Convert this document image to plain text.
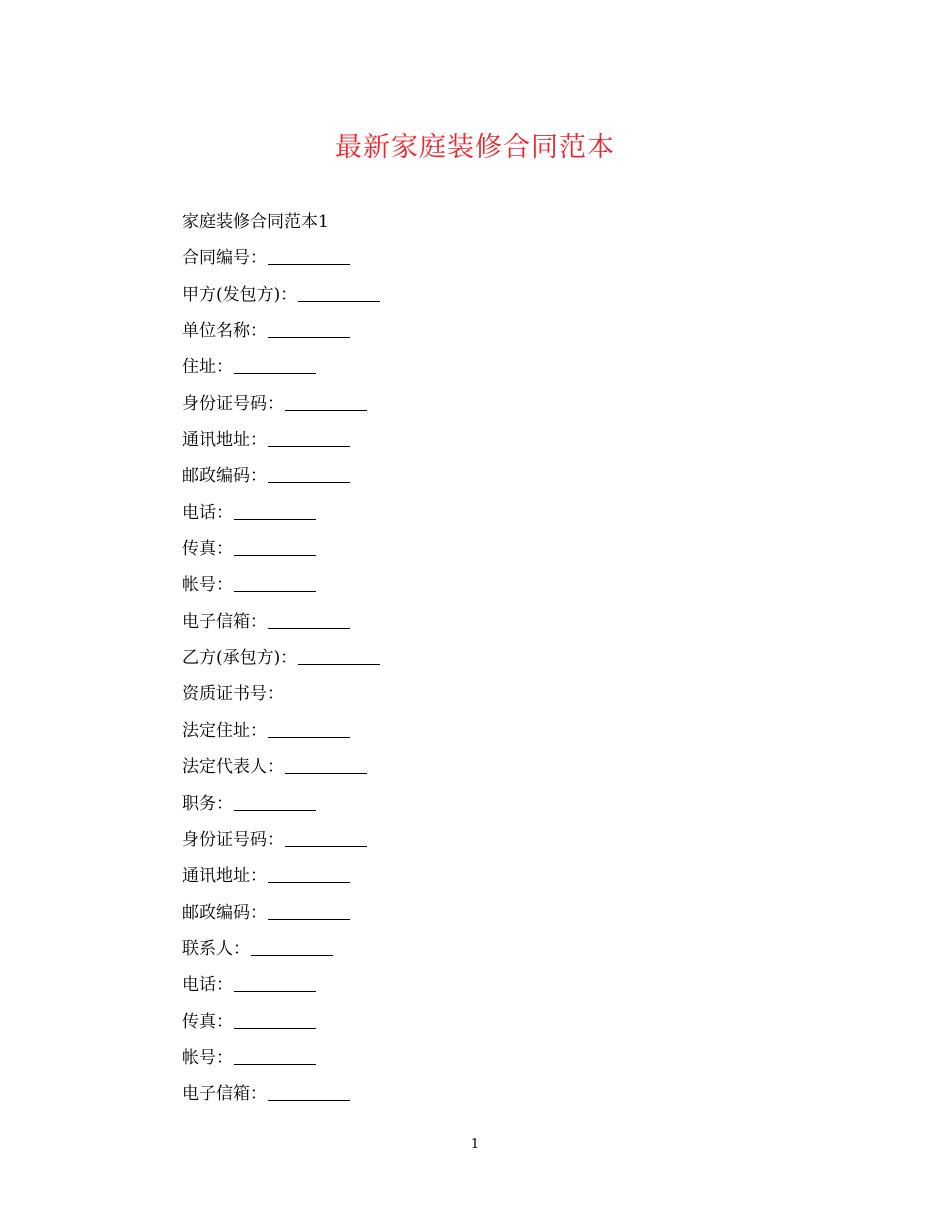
最新家庭装修合同范本
家庭装修合同范本1
合同编号：
甲方(发包方)：
单位名称：
住址：
身份证号码：
通讯地址：
邮政编码：
电话：
传真：
帐号：
电子信箱：
乙方(承包方)：
资质证书号：
法定住址：
法定代表人：
职务：
身份证号码：
通讯地址：
邮政编码：
联系人：
电话：
传真：
帐号：
电子信箱：
1
